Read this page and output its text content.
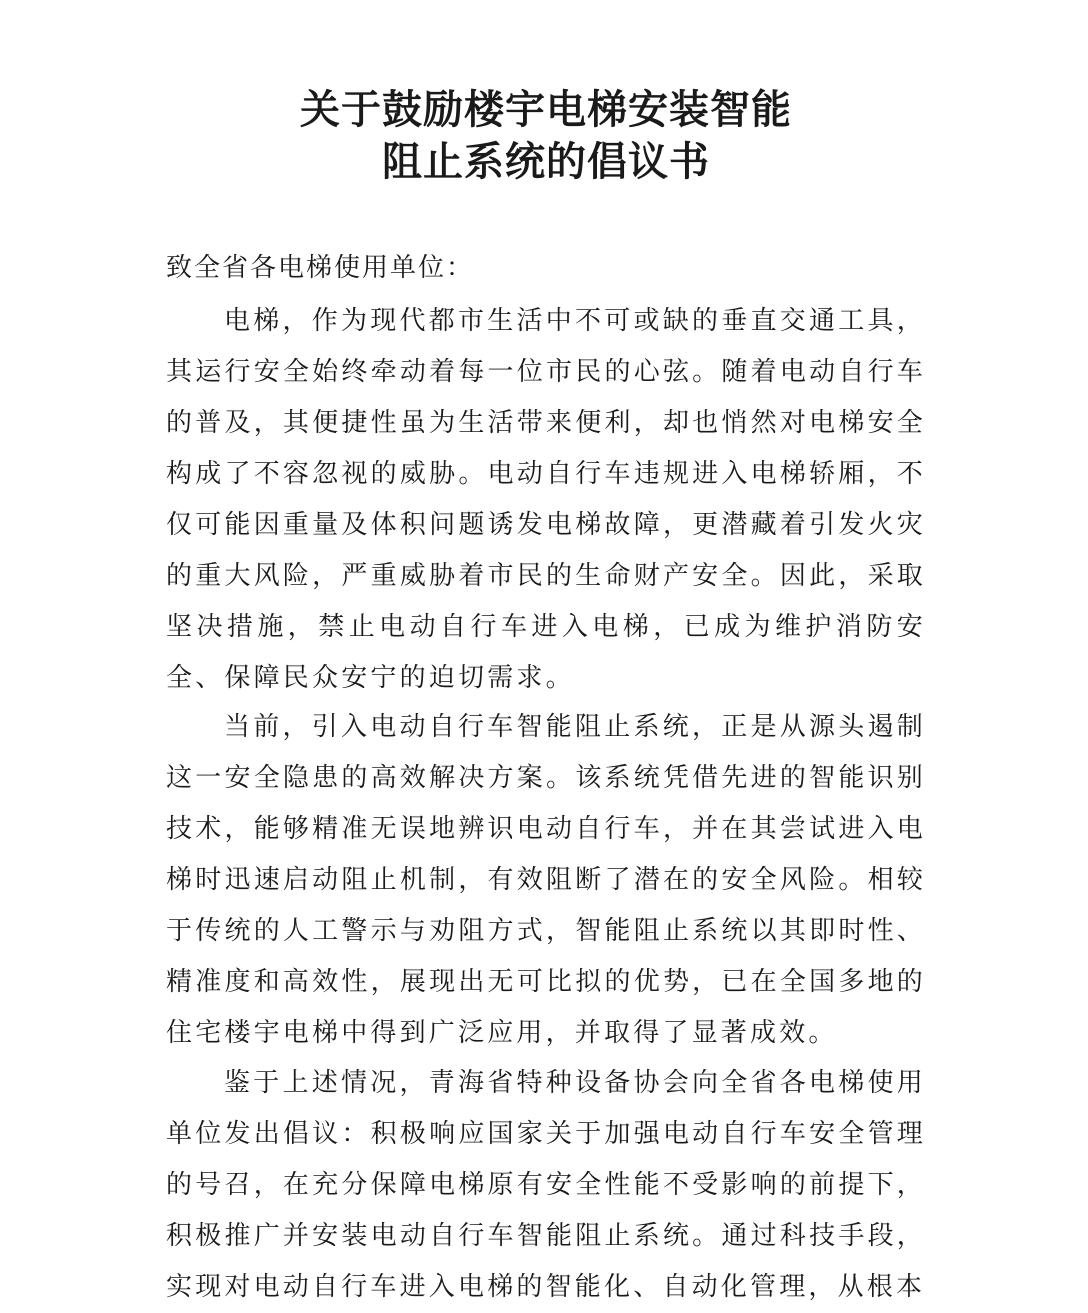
关于鼓励楼宇电梯安装智能
阻止系统的倡议书

致全省各电梯使用单位：

电梯，作为现代都市生活中不可或缺的垂直交通工具，其运行安全始终牵动着每一位市民的心弦。随着电动自行车的普及，其便捷性虽为生活带来便利，却也悄然对电梯安全构成了不容忽视的威胁。电动自行车违规进入电梯轿厢，不仅可能因重量及体积问题诱发电梯故障，更潜藏着引发火灾的重大风险，严重威胁着市民的生命财产安全。因此，采取坚决措施，禁止电动自行车进入电梯，已成为维护消防安全、保障民众安宁的迫切需求。

当前，引入电动自行车智能阻止系统，正是从源头遏制这一安全隐患的高效解决方案。该系统凭借先进的智能识别技术，能够精准无误地辨识电动自行车，并在其尝试进入电梯时迅速启动阻止机制，有效阻断了潜在的安全风险。相较于传统的人工警示与劝阻方式，智能阻止系统以其即时性、精准度和高效性，展现出无可比拟的优势，已在全国多地的住宅楼宇电梯中得到广泛应用，并取得了显著成效。

鉴于上述情况，青海省特种设备协会向全省各电梯使用单位发出倡议：积极响应国家关于加强电动自行车安全管理的号召，在充分保障电梯原有安全性能不受影响的前提下，积极推广并安装电动自行车智能阻止系统。通过科技手段，实现对电动自行车进入电梯的智能化、自动化管理，从根本
